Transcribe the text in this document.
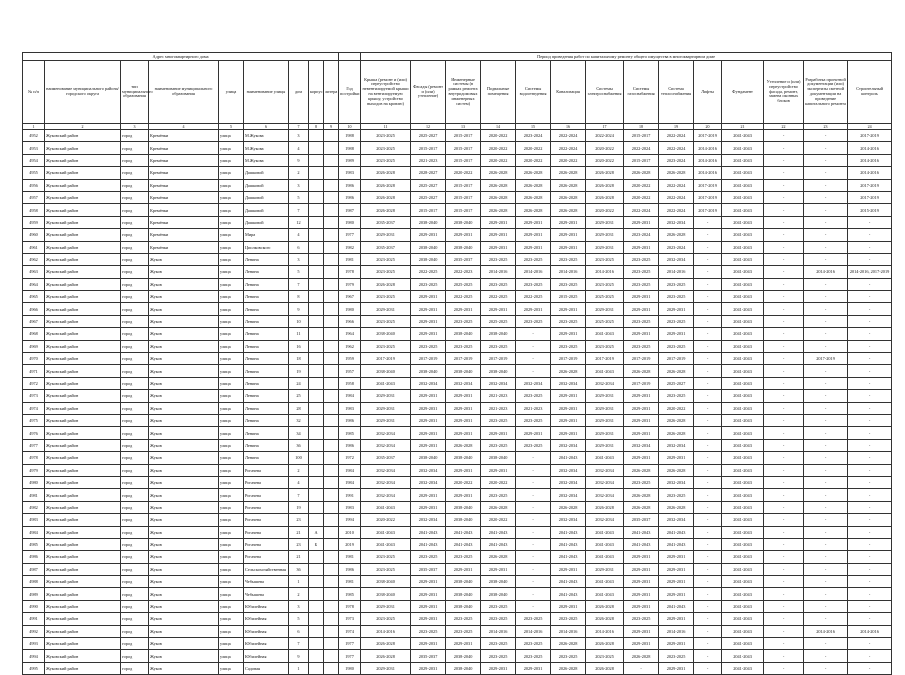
Адрес многоквартирного дома										Период проведения работ по капитальному ремонту общего имущества в многоквартирном доме													
№ п/п	наименование муниципального района/городского округа	тип муниципального образования	наименование муниципального образования	улица	наименование улицы	дом	корпус	литера	Год постройки	Крыша (ремонт и (или) переустройство невентилируемой крыши на вентилируемую крышу, устройство выходов на кровлю)	Фасады (ремонт и (или) утепление)	Инженерные системы (в рамках ремонта внутридомовых инженерных систем)	Подвальные помещения	Системы водоотведения	Канализация	Системы электроснабжения	Системы газоснабжения	Система теплоснабжения	Лифты	Фундамент	Утепление и (или) переустройство фасада, ремонт, замена оконных блоков	Разработка проектной документации (или) экспертизы сметной документации на проведение капитального ремонта	Строительный контроль
1	2	3	4	5	6	7	8	9	10	11	12	13	14	15	16	17	18	19	20	21	22	23	24
4952	Жуковский район	город	Кремёнки	улица	М.Жукова	3			1988	2023-2025	2025-2027	2015-2017	2020-2022	2023-2024	2022-2024	2022-2024	2015-2017	2022-2024	2017-2019	2041-2043	-	-	2017-2019
4953	Жуковский район	город	Кремёнки	улица	М.Жукова	4			1988	2023-2025	2015-2017	2015-2017	2020-2022	2020-2022	2022-2024	2020-2022	2022-2024	2022-2024	2014-2016	2041-2043	-	-	2014-2016
4954	Жуковский район	город	Кремёнки	улица	М.Жукова	9			1989	2023-2025	2021-2023	2015-2017	2020-2022	2020-2022	2020-2022	2020-2022	2015-2017	2023-2024	2014-2016	2041-2043	-	-	2014-2016
4955	Жуковский район	город	Кремёнки	улица	Дашковой	2			1983	2026-2028	2028-2027	2020-2022	2026-2028	2026-2028	2026-2028	2026-2028	2026-2028	2026-2028	2014-2016	2041-2043	-	-	2014-2016
4956	Жуковский район	город	Кремёнки	улица	Дашковой	3			1986	2026-2028	2025-2027	2015-2017	2026-2028	2026-2028	2026-2028	2026-2028	2020-2022	2022-2024	2017-2019	2041-2043	-	-	2017-2019
4957	Жуковский район	город	Кремёнки	улица	Дашковой	5			1986	2026-2028	2025-2027	2015-2017	2026-2028	2026-2028	2026-2028	2026-2028	2020-2022	2022-2024	2017-2019	2041-2043	-	-	2017-2019
4958	Жуковский район	город	Кремёнки	улица	Дашковой	7			1987	2026-2028	2015-2017	2015-2017	2026-2028	2026-2028	2026-2028	2020-2022	2022-2024	2022-2024	2017-2019	2041-2043	-	-	2015-2019
4959	Жуковский район	город	Кремёнки	улица	Дашковой	12			1980	2035-2037	2038-2040	2038-2040	2029-2031	2029-2031	2029-2031	2029-2031	2029-2031	2032-2034	-	2041-2043	-	-	-
4960	Жуковский район	город	Кремёнки	улица	Мира	4			1977	2029-2031	2029-2031	2029-2031	2029-2031	2029-2031	2029-2031	2029-2031	2023-2024	2026-2028	-	2041-2043	-	-	-
4961	Жуковский район	город	Кремёнки	улица	Циолковского	6			1982	2035-2037	2038-2040	2038-2040	2029-2031	2029-2031	2029-2031	2029-2031	2029-2031	2023-2024	-	2041-2043	-	-	-
4962	Жуковский район	город	Жуков	улица	Ленина	3			1981	2023-2025	2038-2040	2035-2037	2023-2025	2023-2025	2023-2025	2023-2025	2023-2025	2032-2034	-	2041-2043	-	-	-
4963	Жуковский район	город	Жуков	улица	Ленина	5			1978	2023-2025	2022-2025	2022-2023	2014-2016	2014-2016	2014-2016	2014-2016	2023-2025	2014-2016	-	2041-2043	-	2014-2016	2014-2016, 2017-2019
4964	Жуковский район	город	Жуков	улица	Ленина	7			1979	2026-2028	2023-2025	2025-2025	2023-2025	2023-2025	2023-2025	2023-2025	2023-2025	2023-2025	-	2041-2043	-	-	-
4965	Жуковский район	город	Жуков	улица	Ленина	8			1967	2023-2025	2029-2031	2022-2025	2022-2025	2022-2025	2015-2025	2025-2025	2029-2031	2023-2025	-	2041-2043	-	-	-
4966	Жуковский район	город	Жуков	улица	Ленина	9			1980	2029-2031	2029-2031	2029-2031	2029-2031	2029-2031	2029-2031	2029-2031	2029-2031	2029-2031	-	2041-2043	-	-	-
4967	Жуковский район	город	Жуков	улица	Ленина	10			1966	2023-2025	2029-2031	2023-2025	2025-2025	2023-2025	2023-2025	2025-2025	2023-2025	2023-2025	-	2041-2043	-	-	-
4968	Жуковский район	город	Жуков	улица	Ленина	11			1964	2038-2040	2029-2031	2038-2040	2038-2040	-	2029-2031	2041-2043	2029-2031	2029-2031	-	2041-2043	-	-	-
4969	Жуковский район	город	Жуков	улица	Ленина	16			1962	2023-2025	2023-2025	2023-2025	2023-2025	-	2023-2025	2023-2025	2023-2025	2023-2025	-	2041-2043	-	-	-
4970	Жуковский район	город	Жуков	улица	Ленина	18			1959	2017-2019	2017-2019	2017-2019	2017-2019	-	2017-2019	2017-2019	2017-2019	2017-2019	-	2041-2043	-	2017-2019	-
4971	Жуковский район	город	Жуков	улица	Ленина	19			1957	2038-2040	2038-2040	2038-2040	2038-2040	-	2026-2028	2041-2043	2026-2028	2026-2028	-	2041-2043	-	-	-
4972	Жуковский район	город	Жуков	улица	Ленина	24			1958	2041-2043	2032-2034	2032-2034	2032-2034	2032-2034	2032-2034	2032-2034	2017-2019	2025-2027	-	2041-2043	-	-	-
4973	Жуковский район	город	Жуков	улица	Ленина	25			1984	2029-2031	2029-2031	2029-2031	2021-2023	2023-2025	2029-2031	2029-2031	2029-2031	2023-2025	-	2041-2043	-	-	-
4974	Жуковский район	город	Жуков	улица	Ленина	28			1983	2029-2031	2029-2031	2029-2031	2021-2023	2021-2023	2029-2031	2029-2031	2029-2031	2020-2022	-	2041-2043	-	-	-
4975	Жуковский район	город	Жуков	улица	Ленина	32			1986	2029-2031	2029-2031	2029-2031	2023-2025	2023-2025	2029-2031	2029-2031	2029-2031	2026-2028	-	2041-2043	-	-	-
4976	Жуковский район	город	Жуков	улица	Ленина	34			1985	2032-2034	2029-2031	2029-2031	2029-2031	2029-2031	2029-2031	2029-2031	2029-2031	2026-2028	-	2041-2043	-	-	-
4977	Жуковский район	город	Жуков	улица	Ленина	36			1986	2032-2034	2029-2031	2026-2028	2023-2025	2023-2025	2032-2034	2029-2031	2032-2034	2032-2034	-	2041-2043	-	-	-
4978	Жуковский район	город	Жуков	улица	Ленина	100			1972	2035-2037	2038-2040	2038-2040	2038-2040	-	2041-2043	2041-2043	2029-2031	2029-2031	-	2041-2043	-	-	-
4979	Жуковский район	город	Жуков	улица	Рогачева	2			1984	2032-2034	2032-2034	2029-2031	2029-2031	-	2032-2034	2032-2034	2026-2028	2026-2028	-	2041-2043	-	-	-
4980	Жуковский район	город	Жуков	улица	Рогачева	4			1984	2032-2034	2032-2034	2020-2022	2020-2022	-	2032-2034	2032-2034	2023-2025	2032-2034	-	2041-2043	-	-	-
4981	Жуковский район	город	Жуков	улица	Рогачева	7			1991	2032-2034	2029-2031	2029-2031	2023-2025	-	2032-2034	2032-2034	2026-2028	2023-2025	-	2041-2043	-	-	-
4982	Жуковский район	город	Жуков	улица	Рогачева	19			1983	2041-2043	2029-2031	2038-2040	2026-2028	-	2026-2028	2026-2028	2026-2028	2026-2028	-	2041-2043	-	-	-
4983	Жуковский район	город	Жуков	улица	Рогачева	23			1994	2020-2022	2032-2034	2038-2040	2020-2022	-	2032-2034	2032-2034	2035-2037	2032-2034	-	2041-2043	-	-	-
4984	Жуковский район	город	Жуков	улица	Рогачева	21	А		2010	2041-2043	2041-2043	2041-2043	2041-2043	-	2041-2043	2041-2043	2041-2043	2041-2043	-	2041-2043	-	-	-
4985	Жуковский район	город	Жуков	улица	Рогачева	23	Б		2019	2041-2043	2041-2043	2041-2043	2041-2043	-	2041-2043	2041-2043	2041-2043	2041-2043	-	2041-2043	-	-	-
4986	Жуковский район	город	Жуков	улица	Рогачева	21			1981	2023-2025	2023-2025	2023-2025	2026-2028	-	2041-2043	2041-2043	2029-2031	2029-2031	-	2041-2043	-	-	-
4987	Жуковский район	город	Жуков	улица	Сельскохозяйственная	36			1986	2023-2025	2035-2037	2029-2031	2029-2031	-	2029-2031	2029-2031	2029-2031	2029-2031	-	2041-2043	-	-	-
4988	Жуковский район	город	Жуков	улица	Чебышева	1			1981	2038-2040	2029-2031	2038-2040	2038-2040	-	2041-2043	2041-2043	2029-2031	2029-2031	-	2041-2043	-	-	-
4989	Жуковский район	город	Жуков	улица	Чебышева	2			1985	2038-2040	2029-2031	2038-2040	2038-2040	-	2041-2043	2041-2043	2029-2031	2029-2031	-	2041-2043	-	-	-
4990	Жуковский район	город	Жуков	улица	Юбилейная	3			1978	2029-2031	2029-2031	2038-2040	2023-2025	-	2029-2031	2026-2028	2029-2031	2041-2043	-	2041-2043	-	-	-
4991	Жуковский район	город	Жуков	улица	Юбилейная	5			1973	2023-2025	2029-2031	2023-2025	2023-2025	2023-2025	2023-2025	2026-2028	2023-2025	2029-2031	-	2041-2043	-	-	-
4992	Жуковский район	город	Жуков	улица	Юбилейная	6			1974	2014-2016	2023-2025	2023-2025	2014-2016	2014-2016	2014-2016	2014-2016	2029-2031	2014-2016	-	2041-2043	-	2014-2016	2014-2016
4993	Жуковский район	город	Жуков	улица	Юбилейная	7			1977	2026-2028	2029-2031	2029-2031	2023-2025	2023-2025	2026-2028	2026-2028	2029-2031	2029-2031	-	2041-2043	-	-	-
4994	Жуковский район	город	Жуков	улица	Юбилейная	9			1977	2026-2028	2035-2037	2038-2040	2023-2025	2023-2025	2023-2025	2023-2025	2026-2028	2023-2025	-	2041-2043	-	-	-
4995	Жуковский район	город	Жуков	улица	Садовая	1			1980	2029-2031	2029-2031	2038-2040	2029-2031	2029-2031	2026-2028	2026-2028	-	2029-2031	-	2041-2043	-	-	-
